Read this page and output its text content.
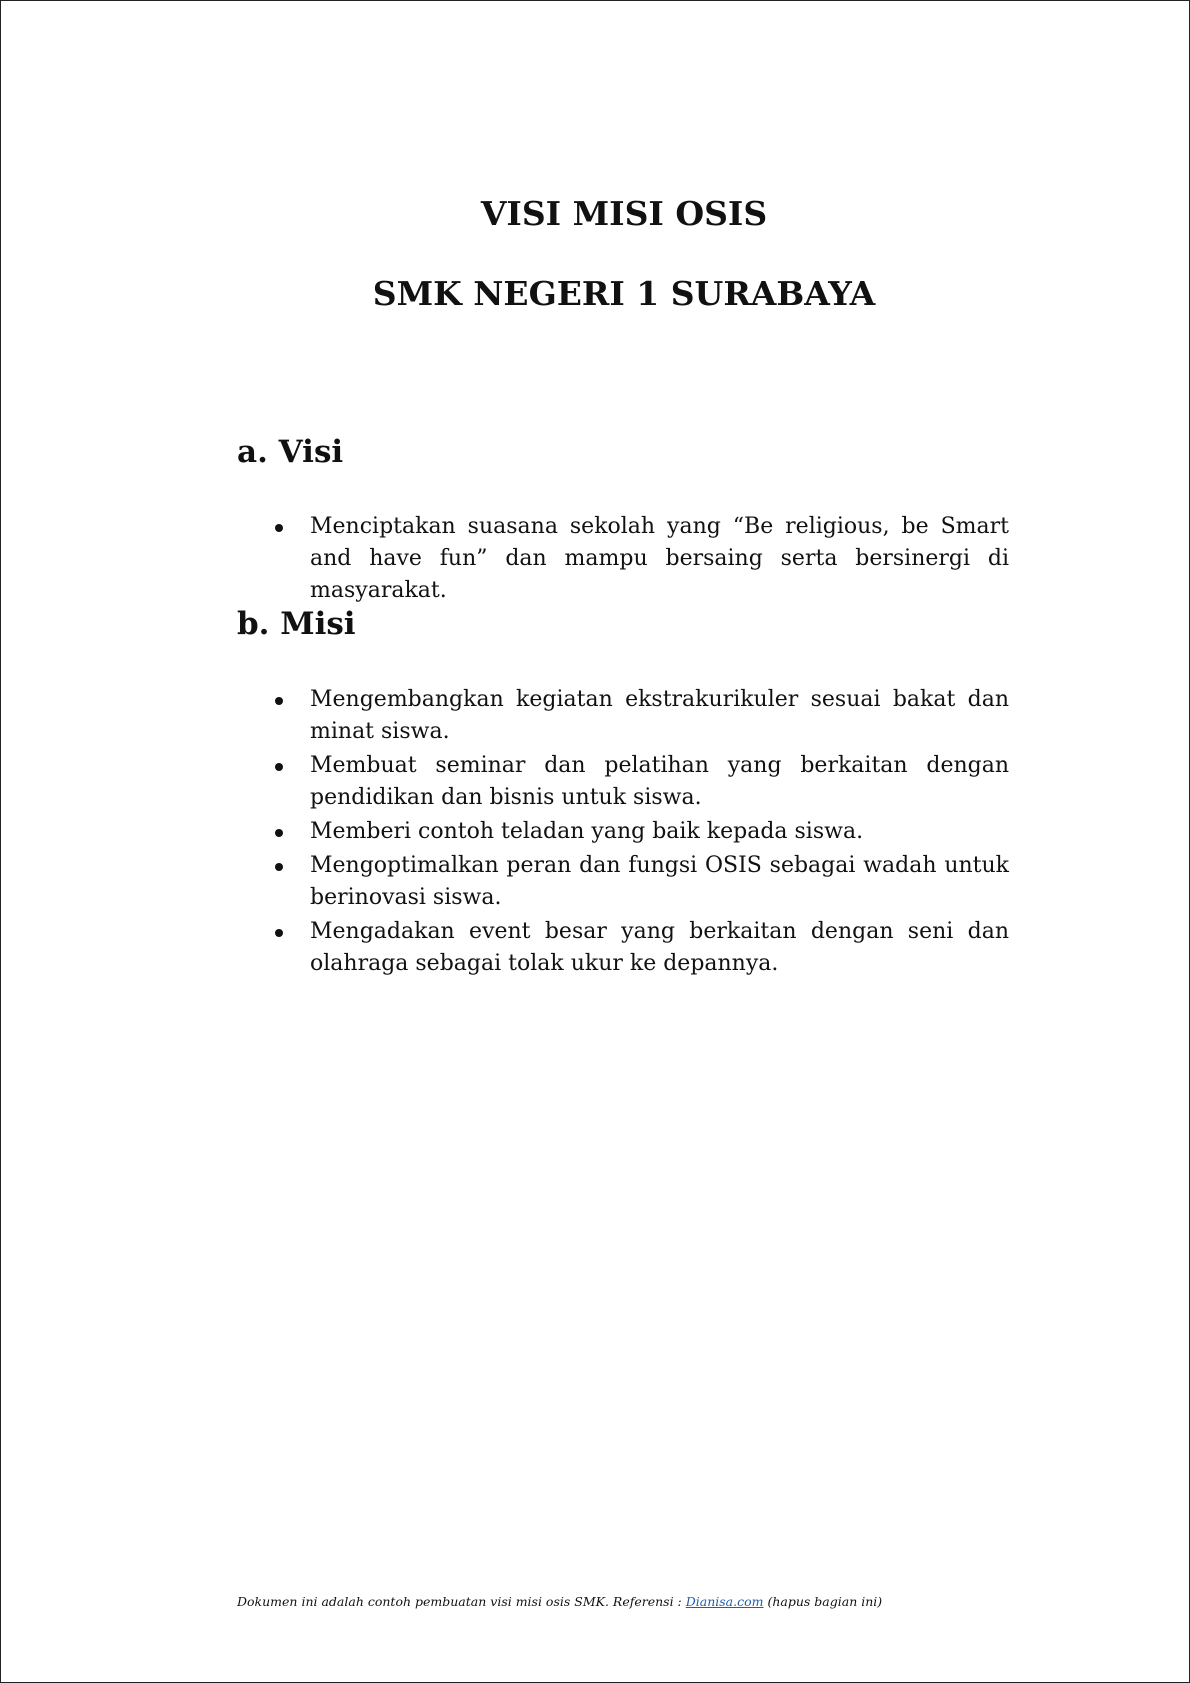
VISI MISI OSIS
SMK NEGERI 1 SURABAYA
a. Visi
Menciptakan suasana sekolah yang “Be religious, be Smart and have fun” dan mampu bersaing serta bersinergi di masyarakat.
b. Misi
Mengembangkan kegiatan ekstrakurikuler sesuai bakat dan minat siswa.
Membuat seminar dan pelatihan yang berkaitan dengan pendidikan dan bisnis untuk siswa.
Memberi contoh teladan yang baik kepada siswa.
Mengoptimalkan peran dan fungsi OSIS sebagai wadah untuk berinovasi siswa.
Mengadakan event besar yang berkaitan dengan seni dan olahraga sebagai tolak ukur ke depannya.
Dokumen ini adalah contoh pembuatan visi misi osis SMK. Referensi : Dianisa.com (hapus bagian ini)
